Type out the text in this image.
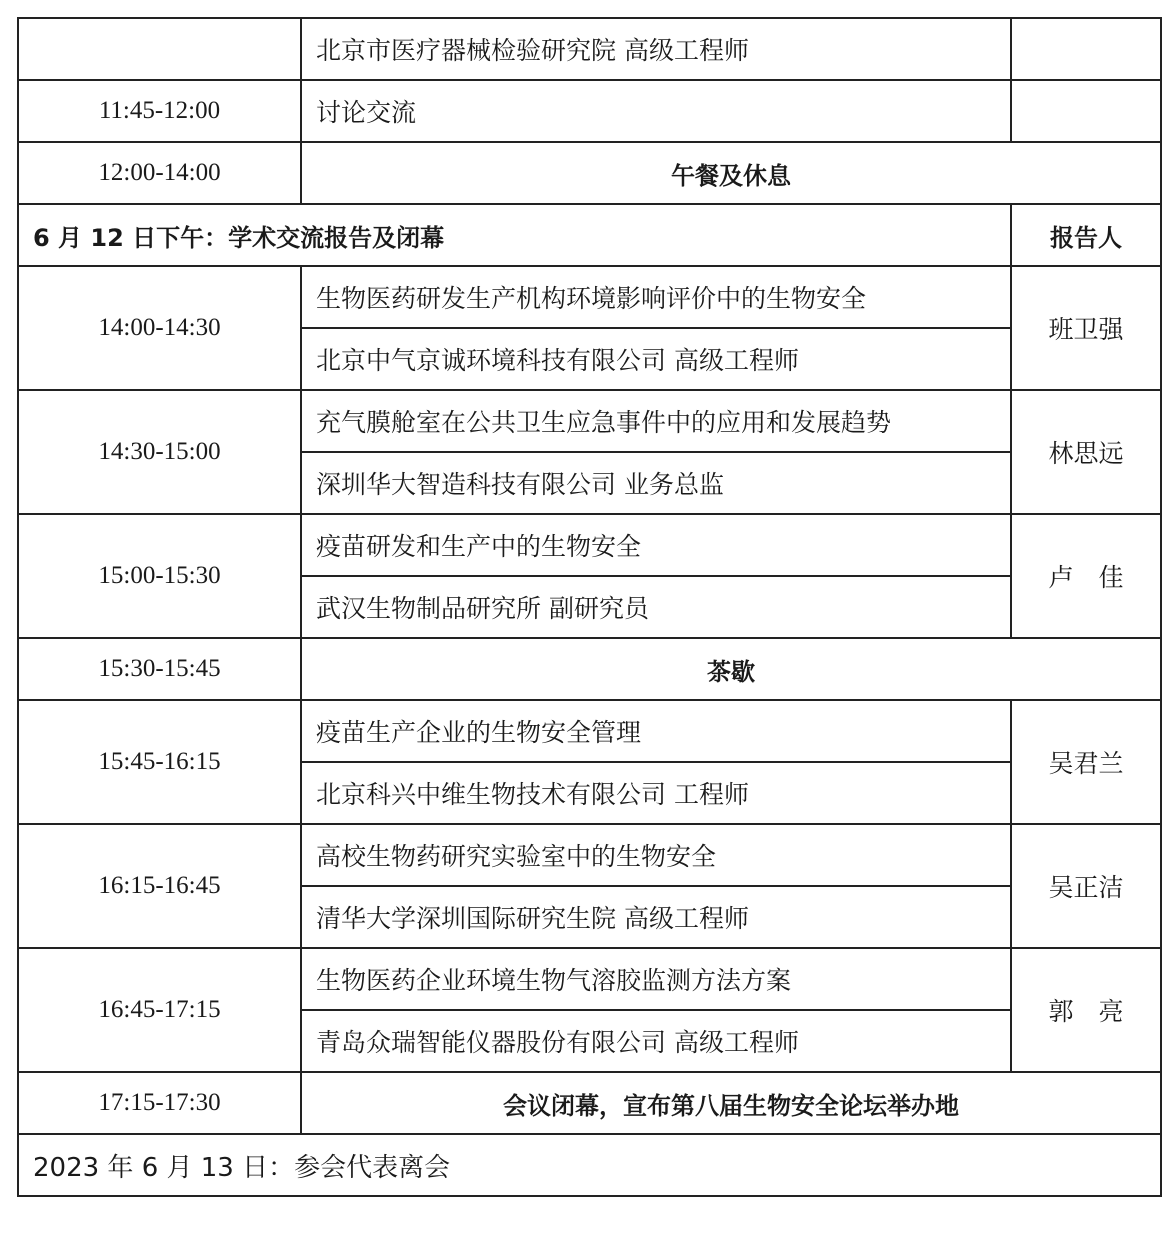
	北京市医疗器械检验研究院 高级工程师	
11:45-12:00	讨论交流	
12:00-14:00	午餐及休息	
6 月 12 日下午：学术交流报告及闭幕		报告人
14:00-14:30	生物医药研发生产机构环境影响评价中的生物安全	班卫强
	北京中气京诚环境科技有限公司 高级工程师	
14:30-15:00	充气膜舱室在公共卫生应急事件中的应用和发展趋势	林思远
	深圳华大智造科技有限公司 业务总监	
15:00-15:30	疫苗研发和生产中的生物安全	卢　佳
	武汉生物制品研究所 副研究员	
15:30-15:45	茶歇	
15:45-16:15	疫苗生产企业的生物安全管理	吴君兰
	北京科兴中维生物技术有限公司 工程师	
16:15-16:45	高校生物药研究实验室中的生物安全	吴正洁
	清华大学深圳国际研究生院 高级工程师	
16:45-17:15	生物医药企业环境生物气溶胶监测方法方案	郭　亮
	青岛众瑞智能仪器股份有限公司 高级工程师	
17:15-17:30	会议闭幕，宣布第八届生物安全论坛举办地	
2023 年 6 月 13 日：参会代表离会		
